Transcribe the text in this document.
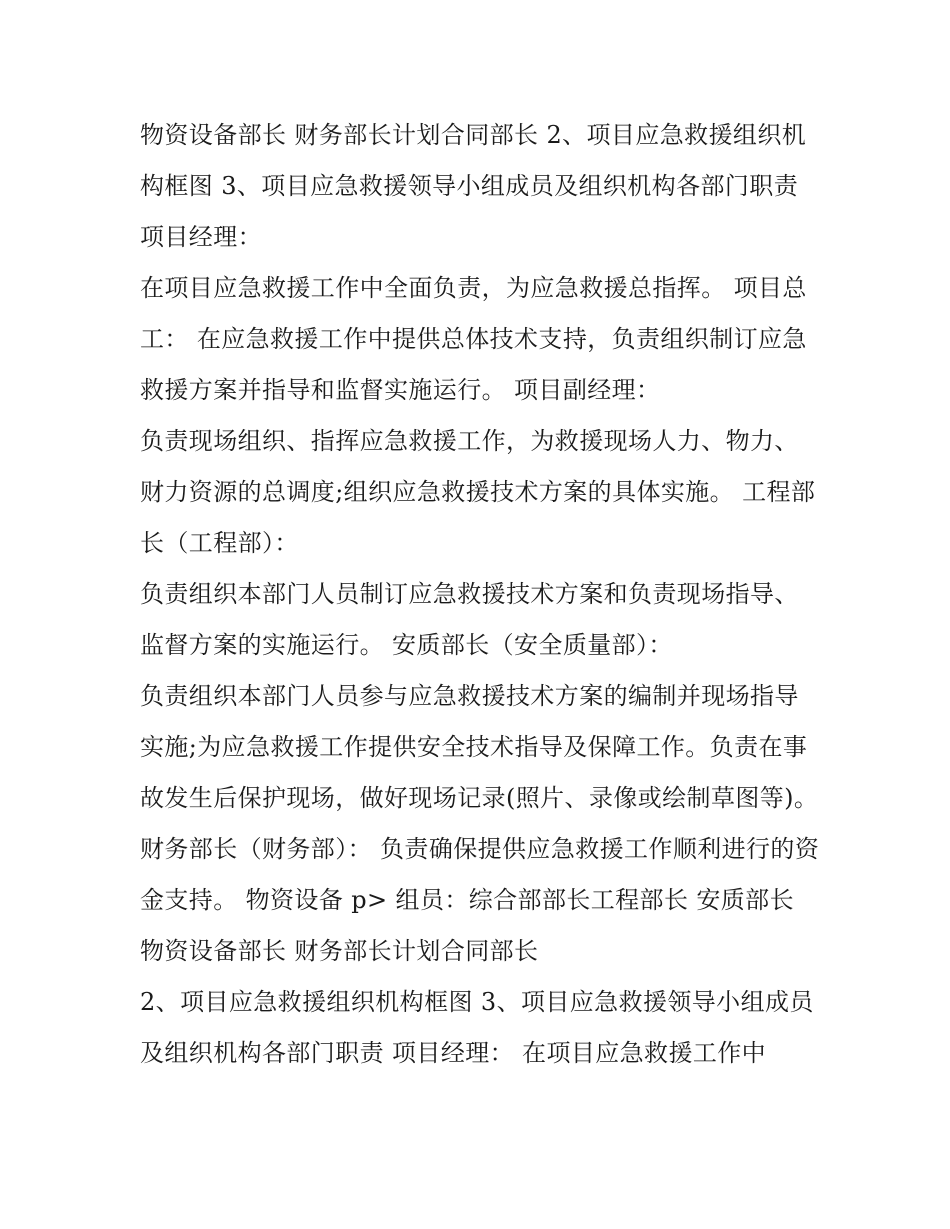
物资设备部长 财务部长计划合同部长 2、项目应急救援组织机构框图 3、项目应急救援领导小组成员及组织机构各部门职责 项目经理：

在项目应急救援工作中全面负责，为应急救援总指挥。 项目总工： 在应急救援工作中提供总体技术支持，负责组织制订应急救援方案并指导和监督实施运行。 项目副经理：

负责现场组织、指挥应急救援工作，为救援现场人力、物力、财力资源的总调度;组织应急救援技术方案的具体实施。 工程部长（工程部）：

负责组织本部门人员制订应急救援技术方案和负责现场指导、监督方案的实施运行。 安质部长（安全质量部）：

负责组织本部门人员参与应急救援技术方案的编制并现场指导实施;为应急救援工作提供安全技术指导及保障工作。负责在事故发生后保护现场，做好现场记录(照片、录像或绘制草图等)。

财务部长（财务部）： 负责确保提供应急救援工作顺利进行的资金支持。 物资设备 p> 组员：综合部部长工程部长 安质部长 物资设备部长 财务部长计划合同部长

2、项目应急救援组织机构框图 3、项目应急救援领导小组成员及组织机构各部门职责 项目经理： 在项目应急救援工作中
